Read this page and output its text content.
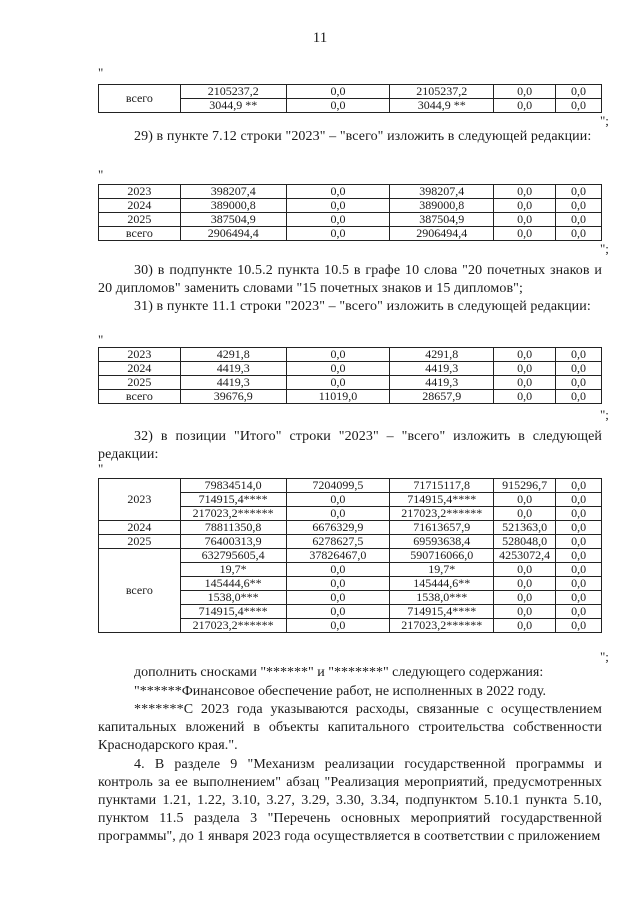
11
"
всего	2105237,2	0,0	2105237,2	0,0	0,0
	3044,9 **	0,0	3044,9 **	0,0	0,0
";
29) в пункте 7.12 строки "2023" – "всего" изложить в следующей редакции:
"
2023	398207,4	0,0	398207,4	0,0	0,0
2024	389000,8	0,0	389000,8	0,0	0,0
2025	387504,9	0,0	387504,9	0,0	0,0
всего	2906494,4	0,0	2906494,4	0,0	0,0
";
30) в подпункте 10.5.2 пункта 10.5 в графе 10 слова "20 почетных знаков и 20 дипломов" заменить словами "15 почетных знаков и 15 дипломов";
31) в пункте 11.1 строки "2023" – "всего" изложить в следующей редакции:
"
2023	4291,8	0,0	4291,8	0,0	0,0
2024	4419,3	0,0	4419,3	0,0	0,0
2025	4419,3	0,0	4419,3	0,0	0,0
всего	39676,9	11019,0	28657,9	0,0	0,0
";
32) в позиции "Итого" строки "2023" – "всего" изложить в следующей редакции:
"
2023	79834514,0	7204099,5	71715117,8	915296,7	0,0
	714915,4****	0,0	714915,4****	0,0	0,0
	217023,2******	0,0	217023,2******	0,0	0,0
2024	78811350,8	6676329,9	71613657,9	521363,0	0,0
2025	76400313,9	6278627,5	69593638,4	528048,0	0,0
всего	632795605,4	37826467,0	590716066,0	4253072,4	0,0
	19,7*	0,0	19,7*	0,0	0,0
	145444,6**	0,0	145444,6**	0,0	0,0
	1538,0***	0,0	1538,0***	0,0	0,0
	714915,4****	0,0	714915,4****	0,0	0,0
	217023,2******	0,0	217023,2******	0,0	0,0
";
дополнить сносками "******" и "*******" следующего содержания:
"******Финансовое обеспечение работ, не исполненных в 2022 году.
*******С 2023 года указываются расходы, связанные с осуществлением капитальных вложений в объекты капитального строительства собственности Краснодарского края.".
4. В разделе 9 "Механизм реализации государственной программы и контроль за ее выполнением" абзац "Реализация мероприятий, предусмотренных пунктами 1.21, 1.22, 3.10, 3.27, 3.29, 3.30, 3.34, подпунктом 5.10.1 пункта 5.10, пунктом 11.5 раздела 3 "Перечень основных мероприятий государственной программы", до 1 января 2023 года осуществляется в соответствии с приложением
